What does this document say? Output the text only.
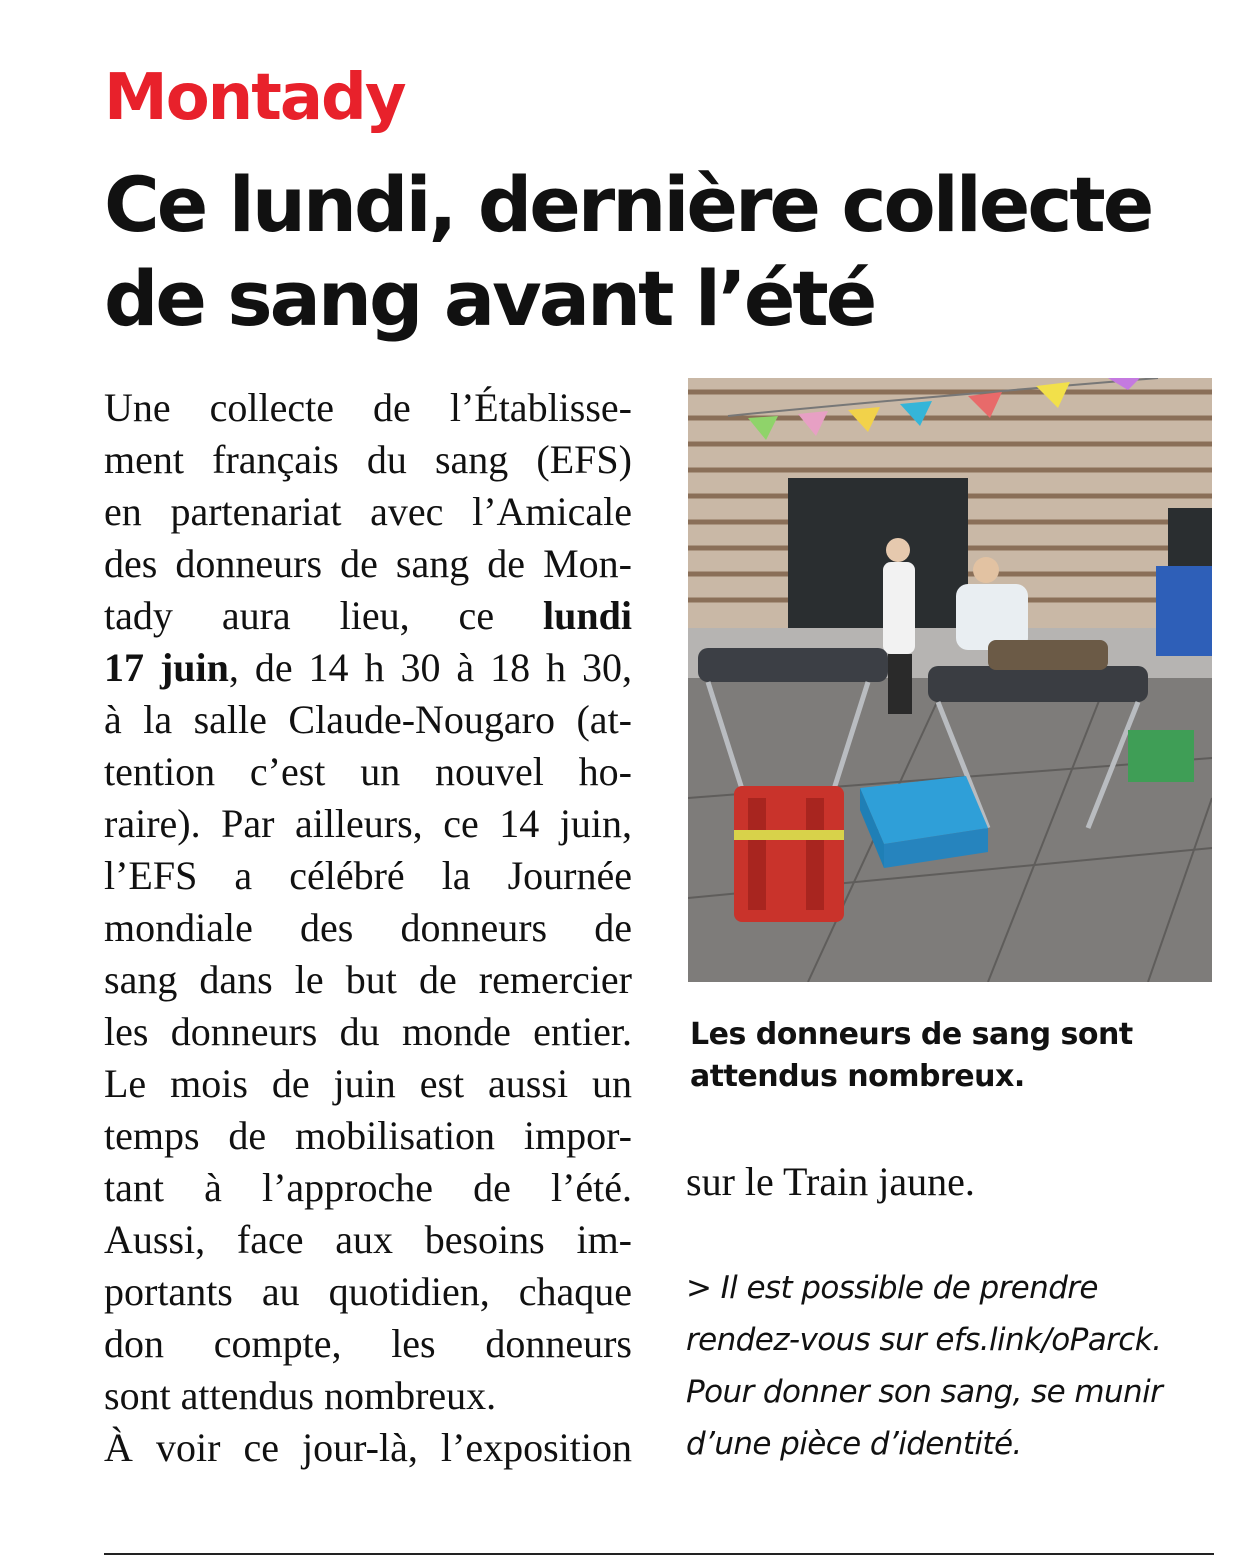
Montady
Ce lundi, dernière collecte
de sang avant l’été

Une collecte de l’Établisse-
ment français du sang (EFS)
en partenariat avec l’Amicale
des donneurs de sang de Mon-
tady aura lieu, ce lundi
17 juin, de 14 h 30 à 18 h 30,
à la salle Claude-Nougaro (at-
tention c’est un nouvel ho-
raire). Par ailleurs, ce 14 juin,
l’EFS a célébré la Journée
mondiale des donneurs de
sang dans le but de remercier
les donneurs du monde entier.
Le mois de juin est aussi un
temps de mobilisation impor-
tant à l’approche de l’été.
Aussi, face aux besoins im-
portants au quotidien, chaque
don compte, les donneurs
sont attendus nombreux.
À voir ce jour-là, l’exposition

Les donneurs de sang sont
attendus nombreux.

sur le Train jaune.

> Il est possible de prendre
rendez-vous sur efs.link/oParck.
Pour donner son sang, se munir
d’une pièce d’identité.
